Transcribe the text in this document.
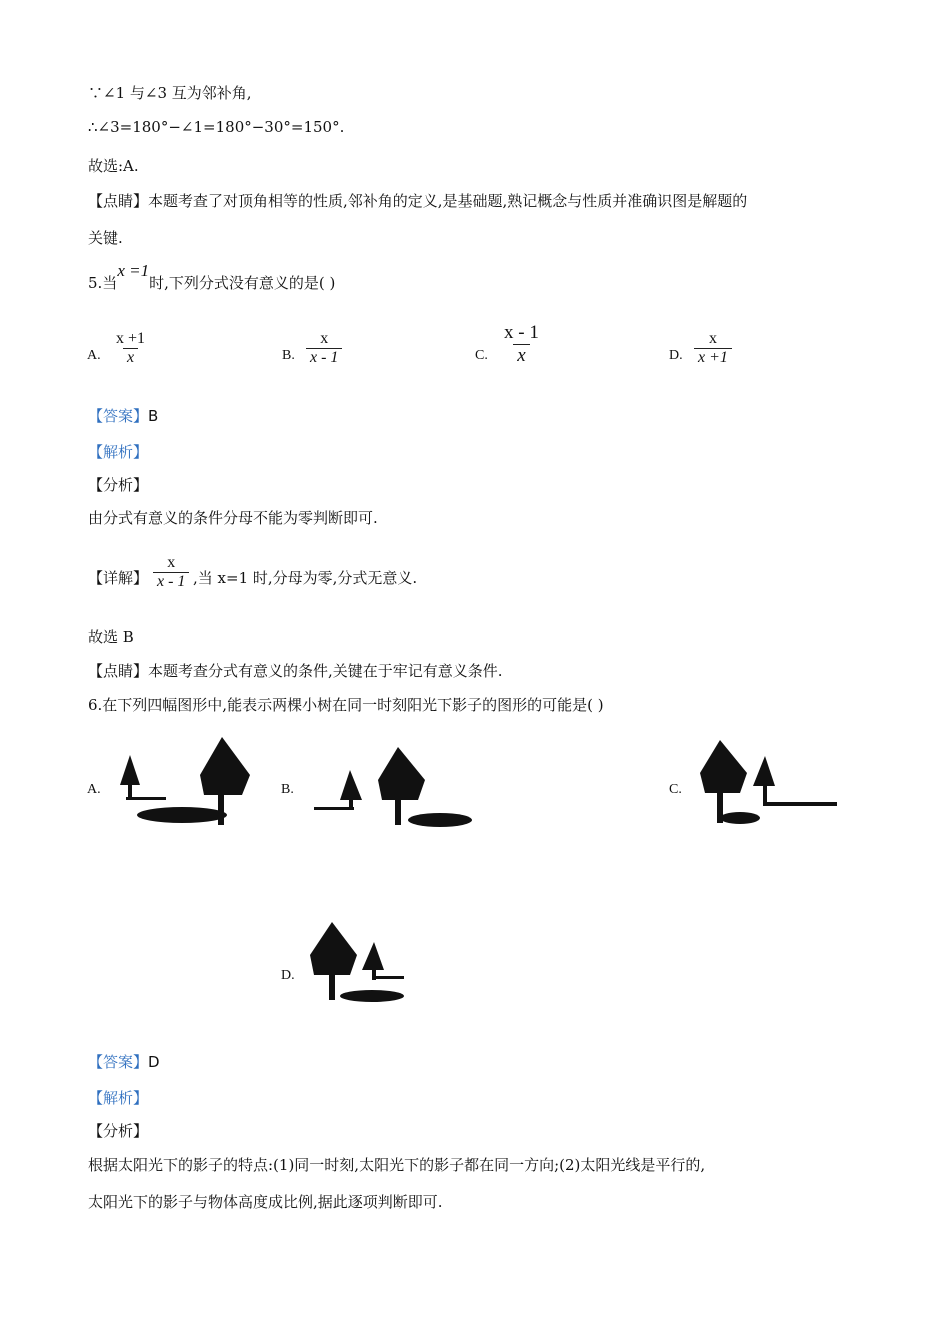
∵∠1 与∠3 互为邻补角,
∴∠3=180°−∠1=180°−30°=150°.
故选:A.
【点睛】本题考查了对顶角相等的性质,邻补角的定义,是基础题,熟记概念与性质并准确识图是解题的
关键.
5.当x =1时,下列分式没有意义的是( )
A. $\frac{x +1}{x}$	B. $\frac{x}{x - 1}$	C. $\frac{x - 1}{x}$	D. $\frac{x}{x +1}$
【答案】B
【解析】
【分析】
由分式有意义的条件分母不能为零判断即可.
【详解】 $\frac{x}{x - 1}$ ,当 x=1 时,分母为零,分式无意义.
故选 B
【点睛】本题考查分式有意义的条件,关键在于牢记有意义条件.
6.在下列四幅图形中,能表示两棵小树在同一时刻阳光下影子的图形的可能是( )
A.	B.	C.
D.
【答案】D
【解析】
【分析】
根据太阳光下的影子的特点:(1)同一时刻,太阳光下的影子都在同一方向;(2)太阳光线是平行的,
太阳光下的影子与物体高度成比例,据此逐项判断即可.
